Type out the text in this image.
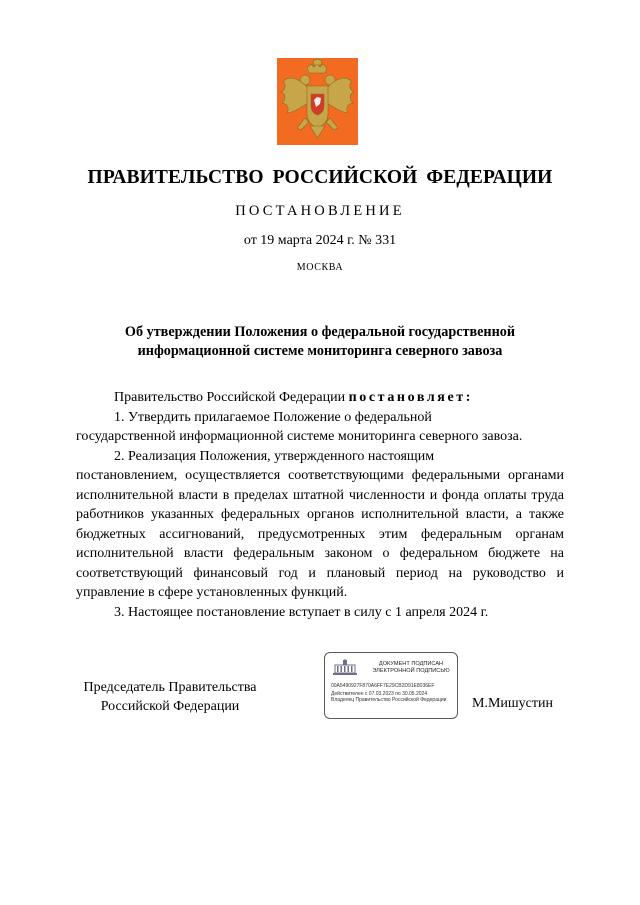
ПРАВИТЕЛЬСТВО РОССИЙСКОЙ ФЕДЕРАЦИИ
ПОСТАНОВЛЕНИЕ
от 19 марта 2024 г. № 331
МОСКВА
Об утверждении Положения о федеральной государственной
информационной системе мониторинга северного завоза

Правительство Российской Федерации постановляет:

1. Утвердить прилагаемое Положение о федеральной

государственной информационной системе мониторинга северного завоза.

2. Реализация Положения, утвержденного настоящим

постановлением, осуществляется соответствующими федеральными органами исполнительной власти в пределах штатной численности и фонда оплаты труда работников указанных федеральных органов исполнительной власти, а также бюджетных ассигнований, предусмотренных этим федеральным органам исполнительной власти федеральным законом о федеральном бюджете на соответствующий финансовый год и плановый период на руководство и управление в сфере установленных функций.

3. Настоящее постановление вступает в силу с 1 апреля 2024 г.

Председатель Правительства
Российской Федерации
ДОКУМЕНТ ПОДПИСАН
ЭЛЕКТРОННОЙ ПОДПИСЬЮ
00A5490927F870A6FF7E29CB2D91E8036EF
Действителен с 07.03.2023 по 30.05.2024
Владелец Правительство Российской Федерации	М.Мишустин
